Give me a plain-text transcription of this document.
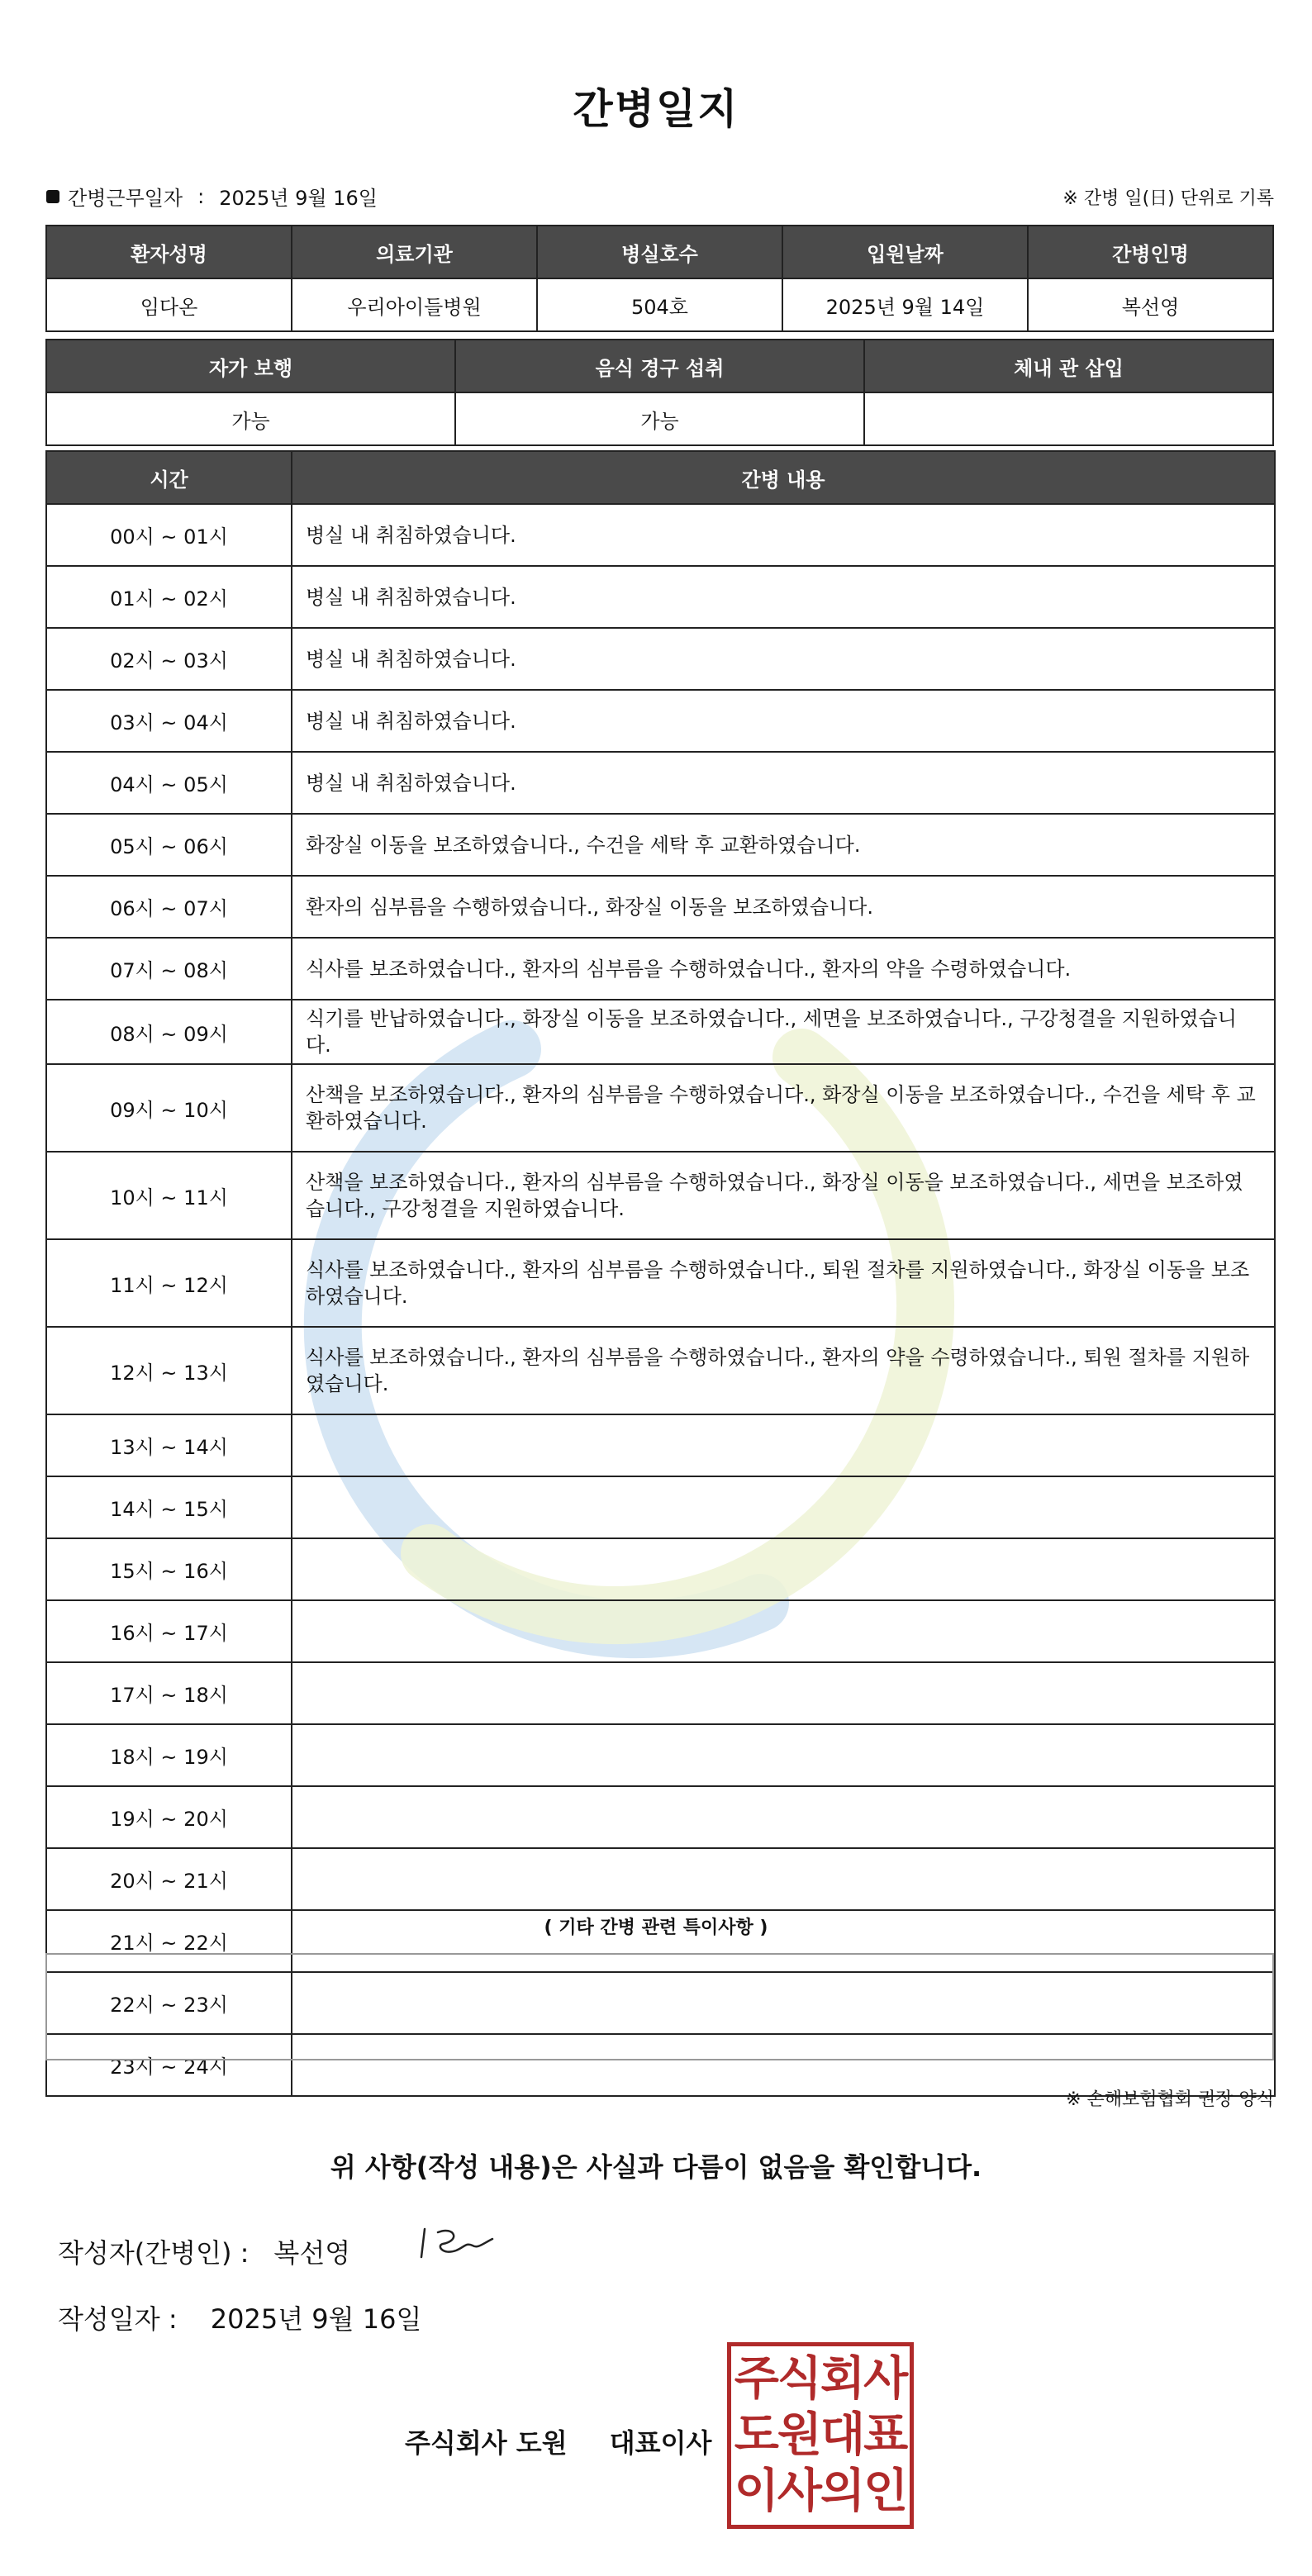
간병일지
간병근무일자 : 2025년 9월 16일	※ 간병 일(日) 단위로 기록
환자성명	의료기관	병실호수	입원날짜	간병인명
임다온	우리아이들병원	504호	2025년 9월 14일	복선영
자가 보행	음식 경구 섭취	체내 관 삽입
가능	가능	
시간	간병 내용
00시 ~ 01시	병실 내 취침하였습니다.
01시 ~ 02시	병실 내 취침하였습니다.
02시 ~ 03시	병실 내 취침하였습니다.
03시 ~ 04시	병실 내 취침하였습니다.
04시 ~ 05시	병실 내 취침하였습니다.
05시 ~ 06시	화장실 이동을 보조하였습니다., 수건을 세탁 후 교환하였습니다.
06시 ~ 07시	환자의 심부름을 수행하였습니다., 화장실 이동을 보조하였습니다.
07시 ~ 08시	식사를 보조하였습니다., 환자의 심부름을 수행하였습니다., 환자의 약을 수령하였습니다.
08시 ~ 09시	식기를 반납하였습니다., 화장실 이동을 보조하였습니다., 세면을 보조하였습니다., 구강청결을 지원하였습니다.
09시 ~ 10시	산책을 보조하였습니다., 환자의 심부름을 수행하였습니다., 화장실 이동을 보조하였습니다., 수건을 세탁 후 교환하였습니다.
10시 ~ 11시	산책을 보조하였습니다., 환자의 심부름을 수행하였습니다., 화장실 이동을 보조하였습니다., 세면을 보조하였습니다., 구강청결을 지원하였습니다.
11시 ~ 12시	식사를 보조하였습니다., 환자의 심부름을 수행하였습니다., 퇴원 절차를 지원하였습니다., 화장실 이동을 보조하였습니다.
12시 ~ 13시	식사를 보조하였습니다., 환자의 심부름을 수행하였습니다., 환자의 약을 수령하였습니다., 퇴원 절차를 지원하였습니다.
13시 ~ 14시	
14시 ~ 15시	
15시 ~ 16시	
16시 ~ 17시	
17시 ~ 18시	
18시 ~ 19시	
19시 ~ 20시	
20시 ~ 21시	
21시 ~ 22시	
22시 ~ 23시	
23시 ~ 24시	
( 기타 간병 관련 특이사항 )
※ 손해보험협회 권장 양식
위 사항(작성 내용)은 사실과 다름이 없음을 확인합니다.
작성자(간병인) : 복선영
작성일자 : 2025년 9월 16일
주식회사 도원 대표이사
주식회사
도원대표
이사의인
